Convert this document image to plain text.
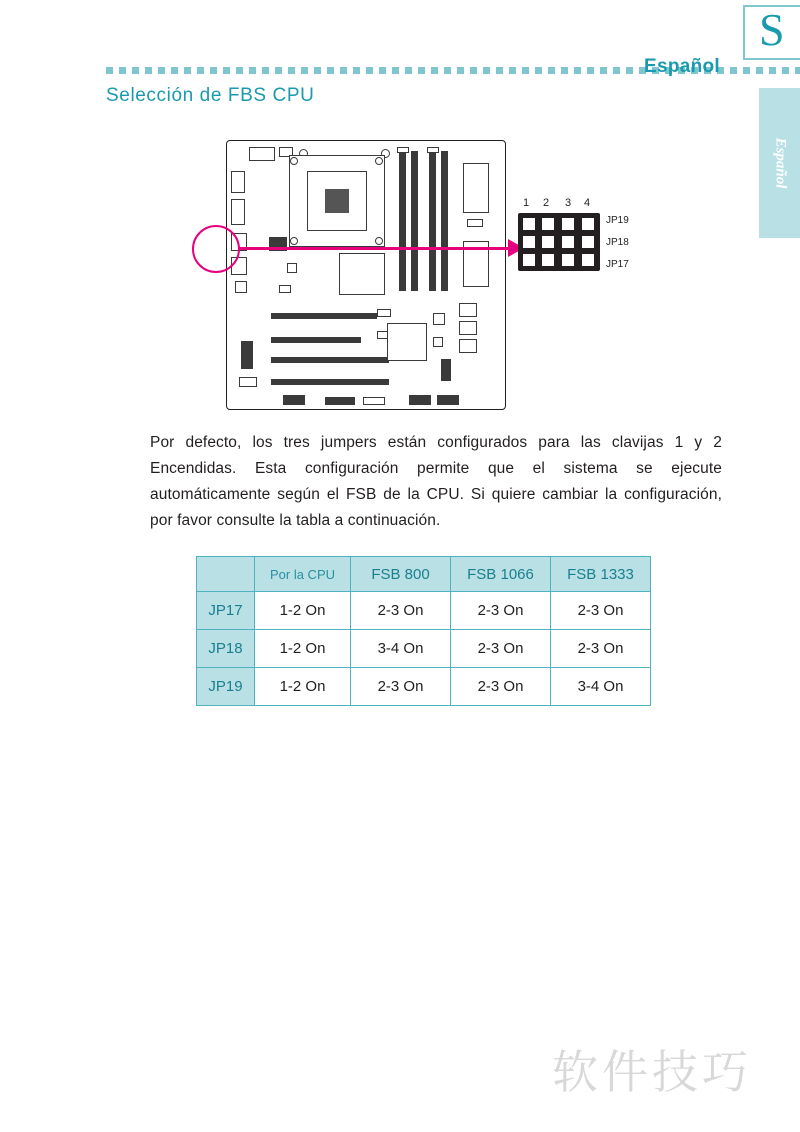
Español
S
Español
Selección de FBS CPU
1 2 3 4
JP19
JP18
JP17
Por defecto, los tres jumpers están configurados para las clavijas 1 y 2 Encendidas. Esta configuración permite que el sistema se ejecute automáticamente según el FSB de la CPU. Si quiere cambiar la configuración, por favor consulte la tabla a continuación.
	Por la CPU	FSB 800	FSB 1066	FSB 1333
JP17	1-2 On	2-3 On	2-3 On	2-3 On
JP18	1-2 On	3-4 On	2-3 On	2-3 On
JP19	1-2 On	2-3 On	2-3 On	3-4 On
软件技巧
